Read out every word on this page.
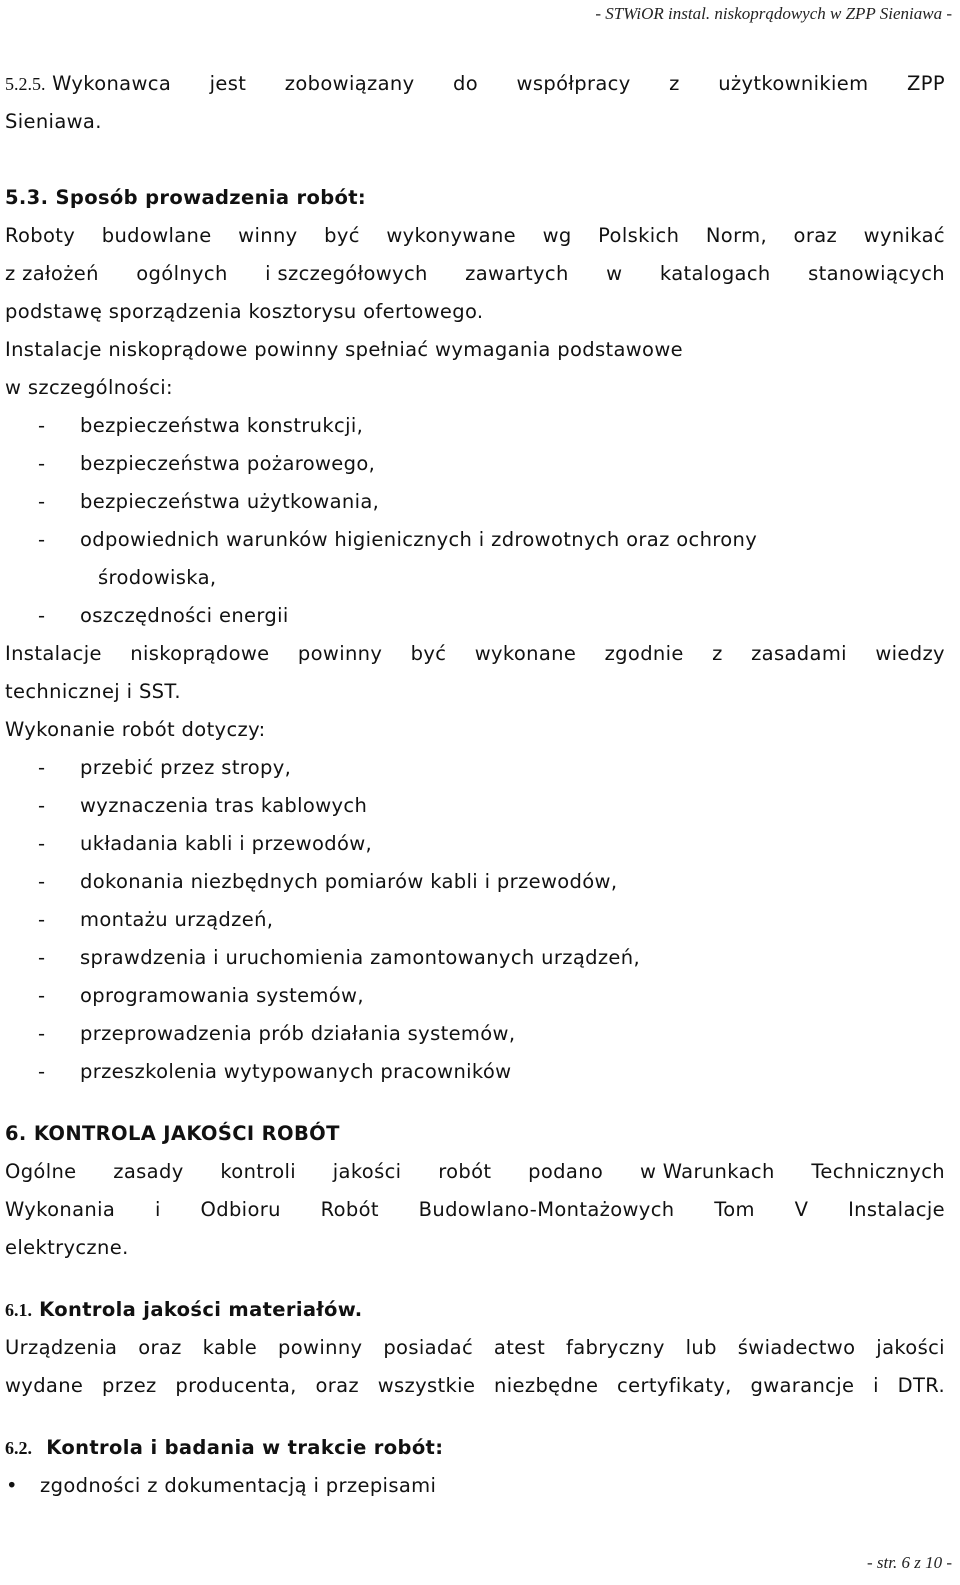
- STWiOR instal. niskoprądowych w ZPP Sieniawa -
5.2.5. Wykonawca jest zobowiązany do współpracy z użytkownikiem ZPP
Sieniawa.
5.3. Sposób prowadzenia robót:
Roboty budowlane winny być wykonywane wg Polskich Norm, oraz wynikać
z założeń ogólnych i szczegółowych zawartych w katalogach stanowiących
podstawę sporządzenia kosztorysu ofertowego.
Instalacje niskoprądowe powinny spełniać wymagania podstawowe
w szczególności:
- bezpieczeństwa konstrukcji,
- bezpieczeństwa pożarowego,
- bezpieczeństwa użytkowania,
- odpowiednich warunków higienicznych i zdrowotnych oraz ochrony
środowiska,
- oszczędności energii
Instalacje niskoprądowe powinny być wykonane zgodnie z zasadami wiedzy
technicznej i SST.
Wykonanie robót dotyczy:
- przebić przez stropy,
- wyznaczenia tras kablowych
- układania kabli i przewodów,
- dokonania niezbędnych pomiarów kabli i przewodów,
- montażu urządzeń,
- sprawdzenia i uruchomienia zamontowanych urządzeń,
- oprogramowania systemów,
- przeprowadzenia prób działania systemów,
- przeszkolenia wytypowanych pracowników
6. KONTROLA JAKOŚCI ROBÓT
Ogólne zasady kontroli jakości robót podano w Warunkach Technicznych
Wykonania i Odbioru Robót Budowlano-Montażowych Tom V Instalacje
elektryczne.
6.1. Kontrola jakości materiałów.
Urządzenia oraz kable powinny posiadać atest fabryczny lub świadectwo jakości
wydane przez producenta, oraz wszystkie niezbędne certyfikaty, gwarancje i DTR.
6.2. Kontrola i badania w trakcie robót:
• zgodności z dokumentacją i przepisami
- str. 6 z 10 -
